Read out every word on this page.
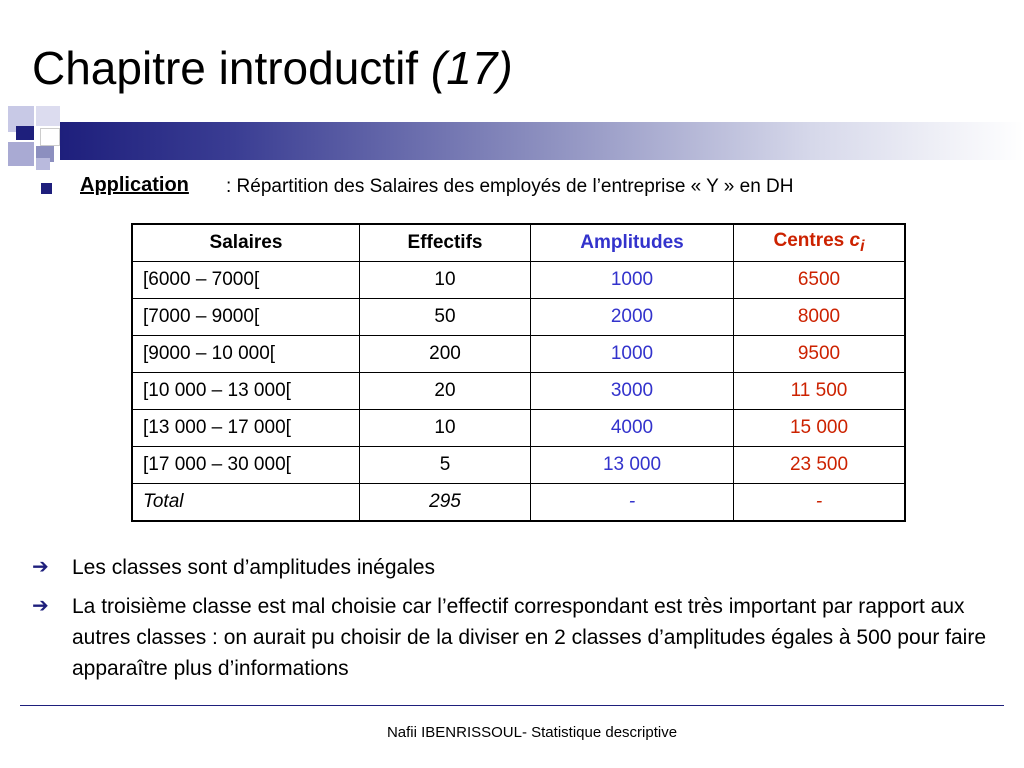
Chapitre introductif (17)
Application : Répartition des Salaires des employés de l’entreprise « Y » en DH
Salaires	Effectifs	Amplitudes	Centres $c_i$
[6000 – 7000[	10	1000	6500
[7000 – 9000[	50	2000	8000
[9000 – 10 000[	200	1000	9500
[10 000 – 13 000[	20	3000	11 500
[13 000 – 17 000[	10	4000	15 000
[17 000 – 30 000[	5	13 000	23 500
Total	295	-	-
➔ Les classes sont d’amplitudes inégales
➔ La troisième classe est mal choisie car l’effectif correspondant est très important par rapport aux autres classes : on aurait pu choisir de la diviser en 2 classes d’amplitudes égales à 500 pour faire apparaître plus d’informations
Nafii IBENRISSOUL- Statistique descriptive
